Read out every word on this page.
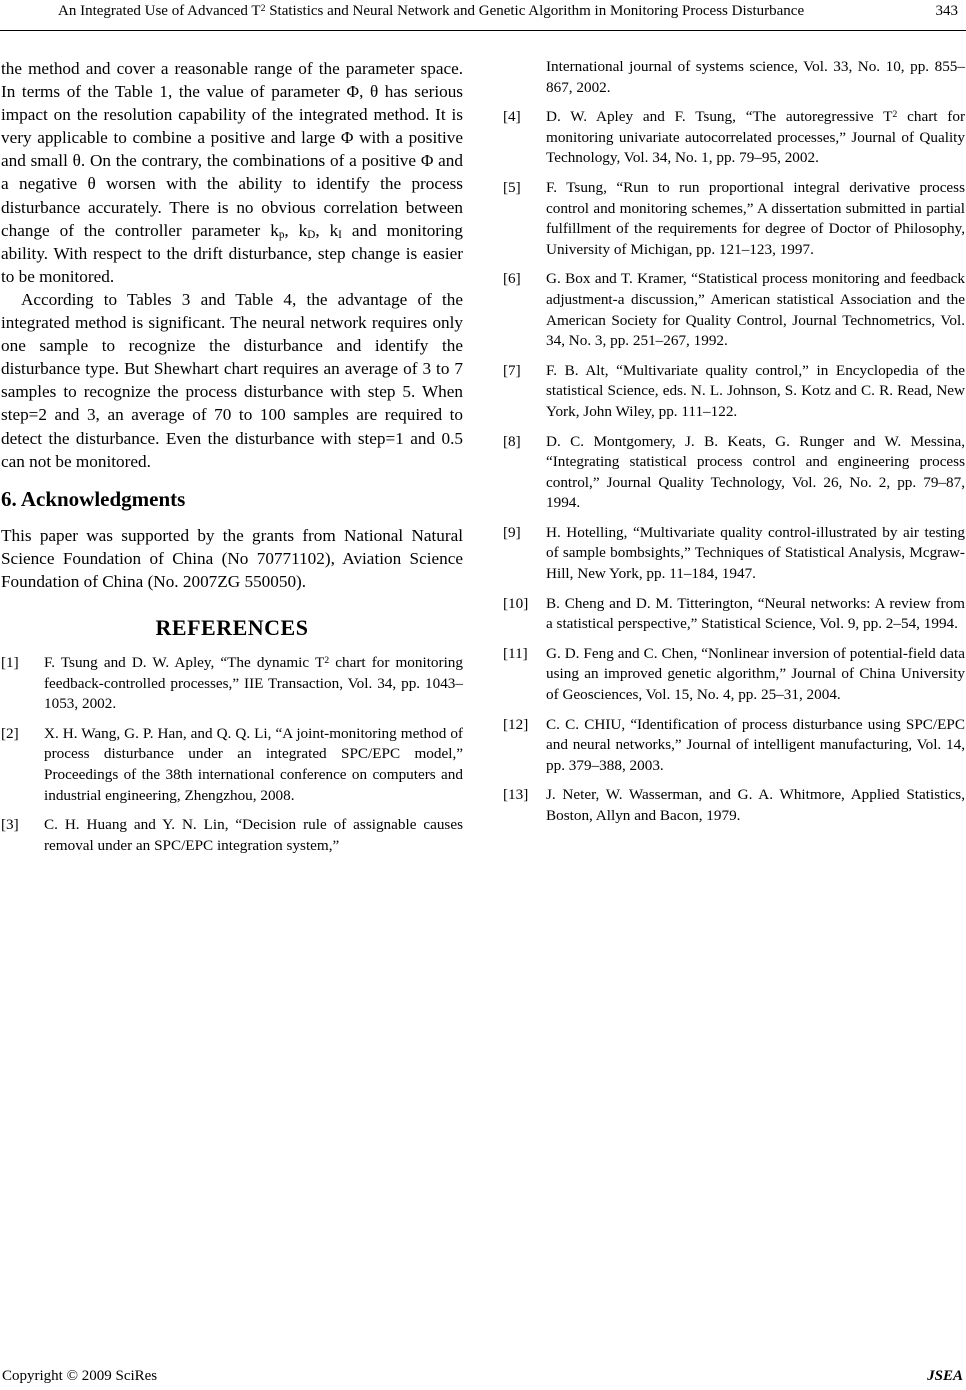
An Integrated Use of Advanced $T^2$ Statistics and Neural Network and Genetic Algorithm in Monitoring Process Disturbance	343
the method and cover a reasonable range of the parameter space. In terms of the Table 1, the value of parameter Φ, θ has serious impact on the resolution capability of the integrated method. It is very applicable to combine a positive and large Φ with a positive and small θ. On the contrary, the combinations of a positive Φ and a negative θ worsen with the ability to identify the process disturbance accurately. There is no obvious correlation between change of the controller parameter $k_p$, $k_D$, $k_I$ and monitoring ability. With respect to the drift disturbance, step change is easier to be monitored.
According to Tables 3 and Table 4, the advantage of the integrated method is significant. The neural network requires only one sample to recognize the disturbance and identify the disturbance type. But Shewhart chart requires an average of 3 to 7 samples to recognize the process disturbance with step 5. When step=2 and 3, an average of 70 to 100 samples are required to detect the disturbance. Even the disturbance with step=1 and 0.5 can not be monitored.
6. Acknowledgments
This paper was supported by the grants from National Natural Science Foundation of China (No 70771102), Aviation Science Foundation of China (No. 2007ZG 550050).
REFERENCES
[1] F. Tsung and D. W. Apley, “The dynamic $T^2$ chart for monitoring feedback-controlled processes,” IIE Transaction, Vol. 34, pp. 1043–1053, 2002.
[2] X. H. Wang, G. P. Han, and Q. Q. Li, “A joint-monitoring method of process disturbance under an integrated SPC/EPC model,” Proceedings of the 38th international conference on computers and industrial engineering, Zhengzhou, 2008.
[3] C. H. Huang and Y. N. Lin, “Decision rule of assignable causes removal under an SPC/EPC integration system,”
International journal of systems science, Vol. 33, No. 10, pp. 855–867, 2002.
[4] D. W. Apley and F. Tsung, “The autoregressive $T^2$ chart for monitoring univariate autocorrelated processes,” Journal of Quality Technology, Vol. 34, No. 1, pp. 79–95, 2002.
[5] F. Tsung, “Run to run proportional integral derivative process control and monitoring schemes,” A dissertation submitted in partial fulfillment of the requirements for degree of Doctor of Philosophy, University of Michigan, pp. 121–123, 1997.
[6] G. Box and T. Kramer, “Statistical process monitoring and feedback adjustment-a discussion,” American statistical Association and the American Society for Quality Control, Journal Technometrics, Vol. 34, No. 3, pp. 251–267, 1992.
[7] F. B. Alt, “Multivariate quality control,” in Encyclopedia of the statistical Science, eds. N. L. Johnson, S. Kotz and C. R. Read, New York, John Wiley, pp. 111–122.
[8] D. C. Montgomery, J. B. Keats, G. Runger and W. Messina, “Integrating statistical process control and engineering process control,” Journal Quality Technology, Vol. 26, No. 2, pp. 79–87, 1994.
[9] H. Hotelling, “Multivariate quality control-illustrated by air testing of sample bombsights,” Techniques of Statistical Analysis, Mcgraw-Hill, New York, pp. 11–184, 1947.
[10] B. Cheng and D. M. Titterington, “Neural networks: A review from a statistical perspective,” Statistical Science, Vol. 9, pp. 2–54, 1994.
[11] G. D. Feng and C. Chen, “Nonlinear inversion of potential-field data using an improved genetic algorithm,” Journal of China University of Geosciences, Vol. 15, No. 4, pp. 25–31, 2004.
[12] C. C. CHIU, “Identification of process disturbance using SPC/EPC and neural networks,” Journal of intelligent manufacturing, Vol. 14, pp. 379–388, 2003.
[13] J. Neter, W. Wasserman, and G. A. Whitmore, Applied Statistics, Boston, Allyn and Bacon, 1979.
Copyright © 2009 SciRes	JSEA
